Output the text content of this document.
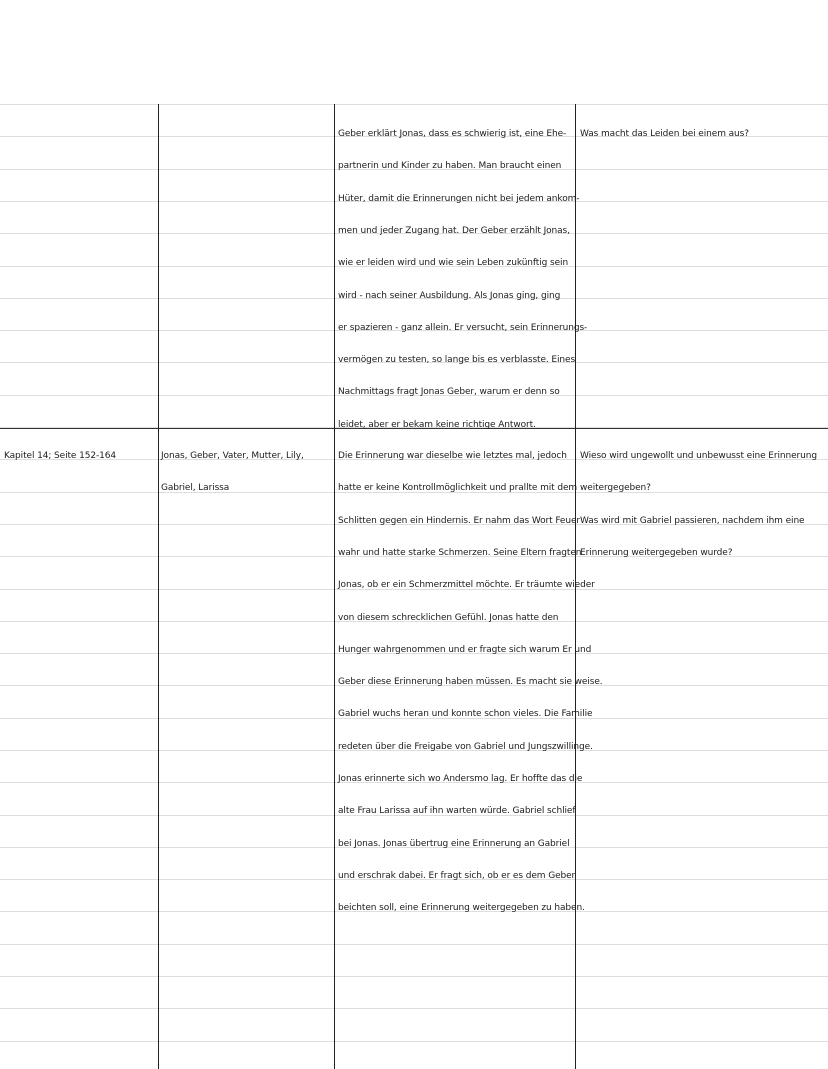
Geber erklärt Jonas, dass es schwierig ist, eine Ehe-
partnerin und Kinder zu haben. Man braucht einen
Hüter, damit die Erinnerungen nicht bei jedem ankom-
men und jeder Zugang hat. Der Geber erzählt Jonas,
wie er leiden wird und wie sein Leben zukünftig sein
wird - nach seiner Ausbildung. Als Jonas ging, ging
er spazieren - ganz allein. Er versucht, sein Erinnerungs-
vermögen zu testen, so lange bis es verblasste. Eines
Nachmittags fragt Jonas Geber, warum er denn so
leidet, aber er bekam keine richtige Antwort.
Was macht das Leiden bei einem aus?
Kapitel 14; Seite 152-164	Jonas, Geber, Vater, Mutter, Lily,
Gabriel, Larissa
Die Erinnerung war dieselbe wie letztes mal, jedoch
hatte er keine Kontrollmöglichkeit und prallte mit dem
Schlitten gegen ein Hindernis. Er nahm das Wort Feuer
wahr und hatte starke Schmerzen. Seine Eltern fragten
Jonas, ob er ein Schmerzmittel möchte. Er träumte wieder
von diesem schrecklichen Gefühl. Jonas hatte den
Hunger wahrgenommen und er fragte sich warum Er und
Geber diese Erinnerung haben müssen. Es macht sie weise.
Gabriel wuchs heran und konnte schon vieles. Die Familie
redeten über die Freigabe von Gabriel und Jungszwillinge.
Jonas erinnerte sich wo Andersmo lag. Er hoffte das die
alte Frau Larissa auf ihn warten würde. Gabriel schlief
bei Jonas. Jonas übertrug eine Erinnerung an Gabriel
und erschrak dabei. Er fragt sich, ob er es dem Geber
beichten soll, eine Erinnerung weitergegeben zu haben.
Wieso wird ungewollt und unbewusst eine Erinnerung
weitergegeben?
Was wird mit Gabriel passieren, nachdem ihm eine
Erinnerung weitergegeben wurde?
